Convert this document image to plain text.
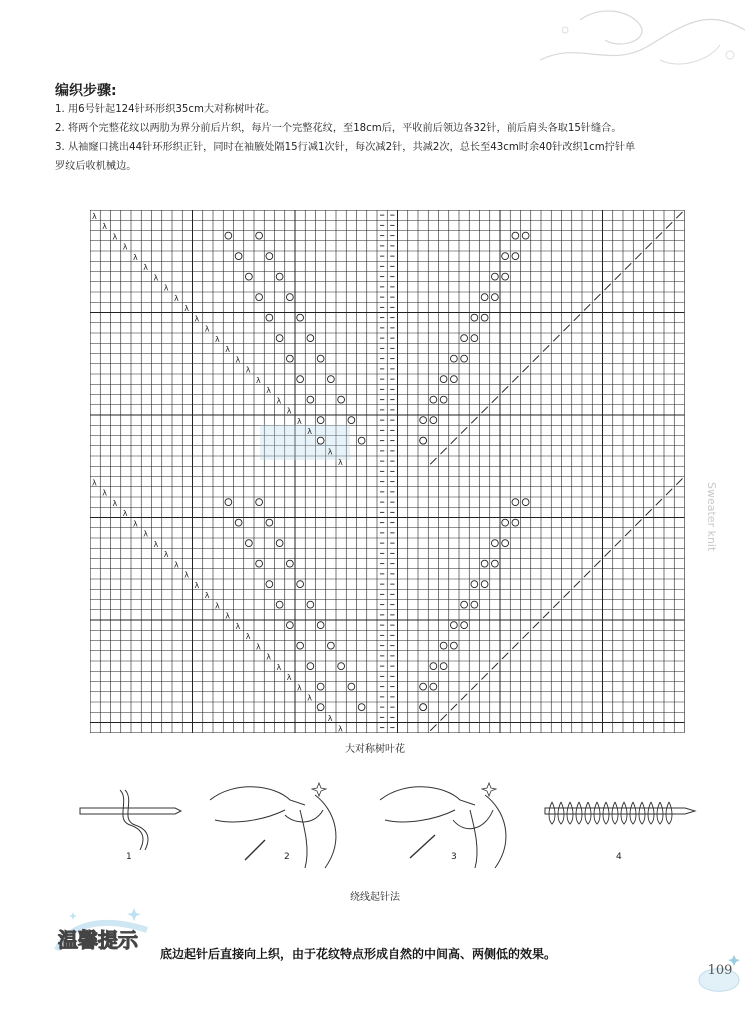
编织步骤:
1. 用6号针起124针环形织35cm大对称树叶花。
2. 将两个完整花纹以两肋为界分前后片织，每片一个完整花纹，至18cm后，平收前后领边各32针，前后肩头各取15针缝合。
3. 从袖窿口挑出44针环形织正针，同时在袖腋处隔15行减1次针，每次减2针，共减2次，总长至43cm时余40针改织1cm拧针单
罗纹后收机械边。
λ
λ
λ
λ
λ
λ
λ
λ
λ
λ
λ
λ
λ
λ
λ
λ
λ
λ
λ
λ
λ
λ
λ
λ
λ
λ
λ
λ
λ
λ
λ
λ
λ
λ
λ
λ
λ
λ
λ
λ
λ
λ
λ
λ
λ
λ
λ
λ
大对称树叶花
Sweater knit
1	2	3	4
绕线起针法
温馨提示
底边起针后直接向上织，由于花纹特点形成自然的中间高、两侧低的效果。
109
